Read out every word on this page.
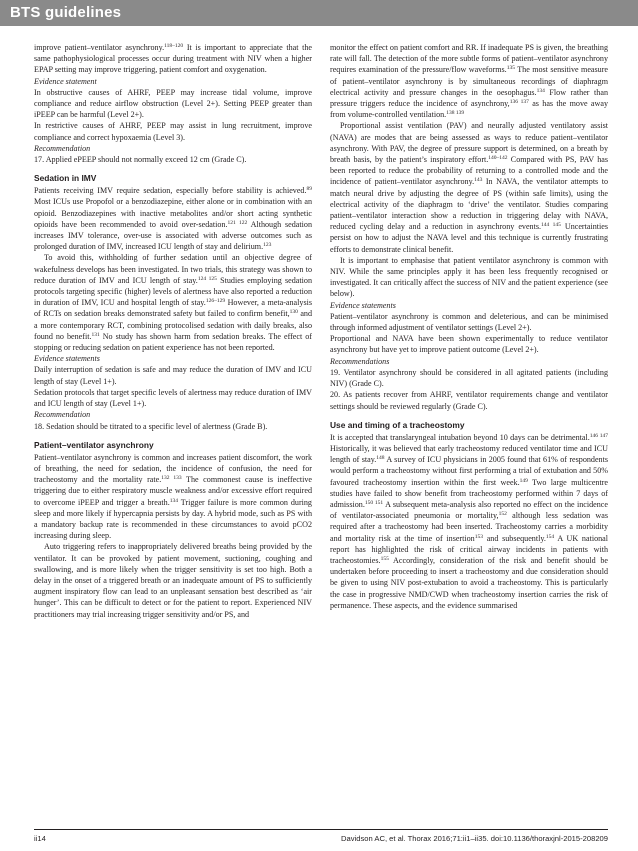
BTS guidelines

improve patient–ventilator asynchrony.$^{118-120}$ It is important to appreciate that the same pathophysiological processes occur during treatment with NIV when a higher EPAP setting may improve triggering, patient comfort and oxygenation.

Evidence statement

In obstructive causes of AHRF, PEEP may increase tidal volume, improve compliance and reduce airflow obstruction (Level 2+). Setting PEEP greater than iPEEP can be harmful (Level 2+).

In restrictive causes of AHRF, PEEP may assist in lung recruitment, improve compliance and correct hypoxaemia (Level 3).

Recommendation

17. Applied ePEEP should not normally exceed 12 cm (Grade C).

Sedation in IMV

Patients receiving IMV require sedation, especially before stability is achieved.$^{89}$ Most ICUs use Propofol or a benzodiazepine, either alone or in combination with an opioid. Benzodiazepines with inactive metabolites and/or short acting synthetic opioids have been recommended to avoid over-sedation.$^{121 122}$ Although sedation increases IMV tolerance, over-use is associated with adverse outcomes such as prolonged duration of IMV, increased ICU length of stay and delirium.$^{123}$

To avoid this, withholding of further sedation until an objective degree of wakefulness develops has been investigated. In two trials, this strategy was shown to reduce duration of IMV and ICU length of stay.$^{124 125}$ Studies employing sedation protocols targeting specific (higher) levels of alertness have also reported a reduction in duration of IMV, ICU and hospital length of stay.$^{126-129}$ However, a meta-analysis of RCTs on sedation breaks demonstrated safety but failed to confirm benefit,$^{130}$ and a more contemporary RCT, combining protocolised sedation with daily breaks, also found no benefit.$^{131}$ No study has shown harm from sedation breaks. The effect of stopping or reducing sedation on patient experience has not been reported.

Evidence statements

Daily interruption of sedation is safe and may reduce the duration of IMV and ICU length of stay (Level 1+).

Sedation protocols that target specific levels of alertness may reduce duration of IMV and ICU length of stay (Level 1+).

Recommendation

18. Sedation should be titrated to a specific level of alertness (Grade B).

Patient–ventilator asynchrony

Patient–ventilator asynchrony is common and increases patient discomfort, the work of breathing, the need for sedation, the incidence of confusion, the need for tracheostomy and the mortality rate.$^{132 133}$ The commonest cause is ineffective triggering due to either respiratory muscle weakness and/or excessive effort required to overcome iPEEP and trigger a breath.$^{134}$ Trigger failure is more common during sleep and more likely if hypercapnia persists by day. A hybrid mode, such as PS with a mandatory backup rate is recommended in these circumstances to avoid pCO2 increasing during sleep.

Auto triggering refers to inappropriately delivered breaths being provided by the ventilator. It can be provoked by patient movement, suctioning, coughing and swallowing, and is more likely when the trigger sensitivity is set too high. Both a delay in the onset of a triggered breath or an inadequate amount of PS to sufficiently augment inspiratory flow can lead to an unpleasant sensation best described as ‘air hunger’. This can be difficult to detect or for the patient to report. Experienced NIV practitioners may trial increasing trigger sensitivity and/or PS, and

monitor the effect on patient comfort and RR. If inadequate PS is given, the breathing rate will fall. The detection of the more subtle forms of patient–ventilator asynchrony requires examination of the pressure/flow waveforms.$^{135}$ The most sensitive measure of patient–ventilator asynchrony is by simultaneous recordings of diaphragm electrical activity and pressure changes in the oesophagus.$^{134}$ Flow rather than pressure triggers reduce the incidence of asynchrony,$^{136 137}$ as has the move away from volume-controlled ventilation.$^{138 139}$

Proportional assist ventilation (PAV) and neurally adjusted ventilatory assist (NAVA) are modes that are being assessed as ways to reduce patient–ventilator asynchrony. With PAV, the degree of pressure support is determined, on a breath by breath basis, by the patient’s inspiratory effort.$^{140-142}$ Compared with PS, PAV has been reported to reduce the probability of returning to a controlled mode and the incidence of patient–ventilator asynchrony.$^{143}$ In NAVA, the ventilator attempts to match neural drive by adjusting the degree of PS (within safe limits), using the electrical activity of the diaphragm to ‘drive’ the ventilator. Studies comparing patient–ventilator interaction show a reduction in triggering delay with NAVA, reduced cycling delay and a reduction in asynchrony events.$^{144 145}$ Uncertainties persist on how to adjust the NAVA level and this technique is currently frustrating efforts to demonstrate clinical benefit.

It is important to emphasise that patient ventilator asynchrony is common with NIV. While the same principles apply it has been less frequently recognised or investigated. It can critically affect the success of NIV and the patient experience (see below).

Evidence statements

Patient–ventilator asynchrony is common and deleterious, and can be minimised through informed adjustment of ventilator settings (Level 2+).

Proportional and NAVA have been shown experimentally to reduce ventilator asynchrony but have yet to improve patient outcome (Level 2+).

Recommendations

19. Ventilator asynchrony should be considered in all agitated patients (including NIV) (Grade C).

20. As patients recover from AHRF, ventilator requirements change and ventilator settings should be reviewed regularly (Grade C).

Use and timing of a tracheostomy

It is accepted that translaryngeal intubation beyond 10 days can be detrimental.$^{146 147}$ Historically, it was believed that early tracheostomy reduced ventilator time and ICU length of stay.$^{148}$ A survey of ICU physicians in 2005 found that 61% of respondents would perform a tracheostomy without first performing a trial of extubation and 50% favoured tracheostomy insertion within the first week.$^{149}$ Two large multicentre studies have failed to show benefit from tracheostomy performed within 7 days of admission.$^{150 151}$ A subsequent meta-analysis also reported no effect on the incidence of ventilator-associated pneumonia or mortality,$^{152}$ although less sedation was required after a tracheostomy had been inserted. Tracheostomy carries a morbidity and mortality risk at the time of insertion$^{153}$ and subsequently.$^{154}$ A UK national report has highlighted the risk of critical airway incidents in patients with tracheostomies.$^{155}$ Accordingly, consideration of the risk and benefit should be undertaken before proceeding to insert a tracheostomy and due consideration should be given to using NIV post-extubation to avoid a tracheostomy. This is particularly the case in progressive NMD/CWD when tracheostomy insertion carries the risk of permanence. These aspects, and the evidence summarised

ii14	Davidson AC, et al. Thorax 2016;71:ii1–ii35. doi:10.1136/thoraxjnl-2015-208209
